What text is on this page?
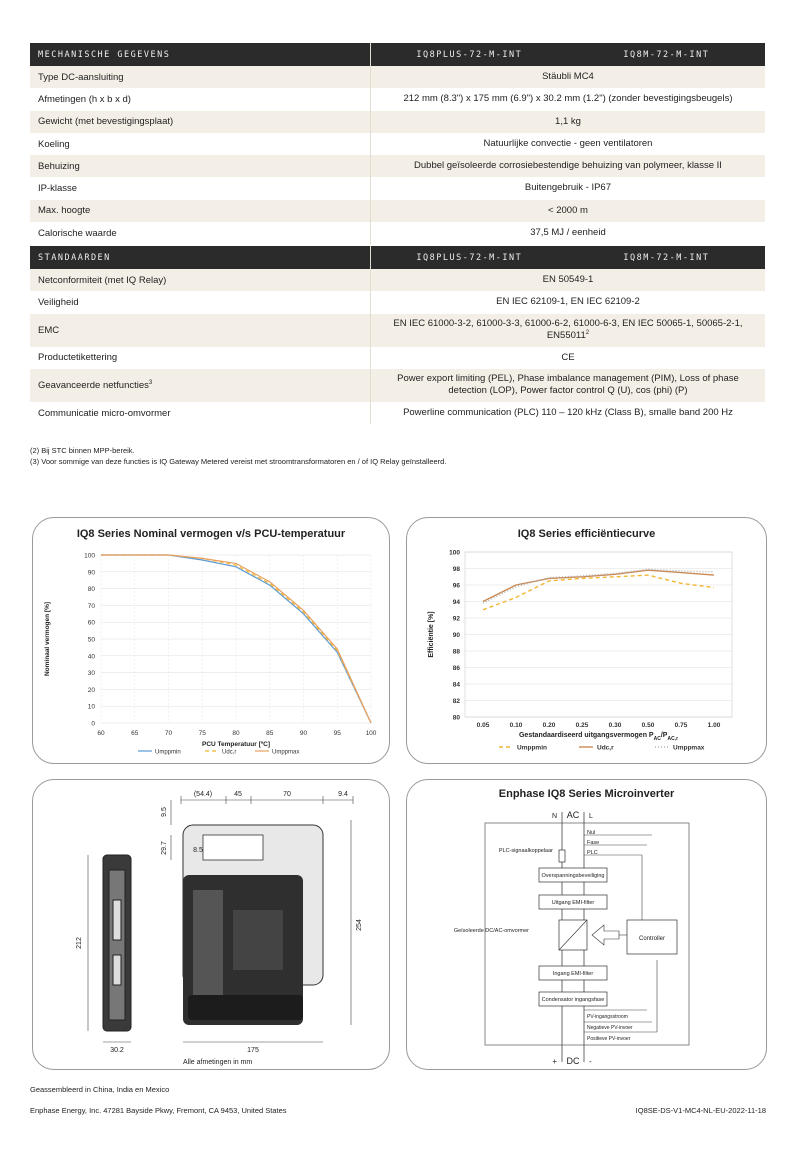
MECHANISCHE GEGEVENS	IQ8PLUS-72-M-INT	IQ8M-72-M-INT
Type DC-aansluiting	Stäubli MC4	
Afmetingen (h x b x d)	212 mm (8.3") x 175 mm (6.9") x 30.2 mm (1.2") (zonder bevestigingsbeugels)	
Gewicht (met bevestigingsplaat)	1,1 kg	
Koeling	Natuurlijke convectie - geen ventilatoren	
Behuizing	Dubbel geïsoleerde corrosiebestendige behuizing van polymeer, klasse II	
IP-klasse	Buitengebruik - IP67	
Max. hoogte	< 2000 m	
Calorische waarde	37,5 MJ / eenheid	
STANDAARDEN	IQ8PLUS-72-M-INT	IQ8M-72-M-INT
Netconformiteit (met IQ Relay)	EN 50549-1	
Veiligheid	EN IEC 62109-1, EN IEC 62109-2	
EMC	EN IEC 61000-3-2, 61000-3-3, 61000-6-2, 61000-6-3, EN IEC 50065-1, 50065-2-1, EN55011$^2$
Productetikettering	CE	
Geavanceerde netfuncties$^3$	Power export limiting (PEL), Phase imbalance management (PIM), Loss of phase detection (LOP), Power factor control Q (U), cos (phi) (P)	
Communicatie micro-omvormer	Powerline communication (PLC) 110 – 120 kHz (Class B), smalle band 200 Hz	
(2) Bij STC binnen MPP-bereik.
(3) Voor sommige van deze functies is IQ Gateway Metered vereist met stroomtransformatoren en / of IQ Relay geïnstalleerd.
IQ8 Series Nominal vermogen v/s PCU-temperatuur
0
10
20
30
40
50
60
70
80
90
100
60	65	70	75	80	85	90	95	100
PCU Temperatuur [ºC]
Nominaal vermogen [%]
Umppmin	Udc,r	Umppmax
IQ8 Series efficiëntiecurve
80
82
84
86
88
90
92
94
96
98
100
0.05	0.10	0.20	0.25	0.30	0.50	0.75	1.00
Gestandaardiseerd uitgangsvermogen $P_{AC}/P_{AC,r}$
Efficiëntie [%]
Umppmin	Udc,r	Umppmax
(54.4)	45	70	9.4
9.5
29.7	8.5
212
254
30.2	175
Alle afmetingen in mm
Enphase IQ8 Series Microinverter
N AC L
+ DC -
PLC-signaalkoppelaar
Nul
Fase
PLC
Overspanningsbeveiliging
Uitgang EMI-filter
Geïsoleerde DC/AC-omvormer
Controller
Ingang EMI-filter
Condensator ingangsfase
PV-ingangsstroom
Negatieve PV-invoer
Positieve PV-invoer
Geassembleerd in China, India en Mexico
Enphase Energy, Inc. 47281 Bayside Pkwy, Fremont, CA 9453, United States	IQ8SE-DS-V1-MC4-NL-EU-2022-11-18
